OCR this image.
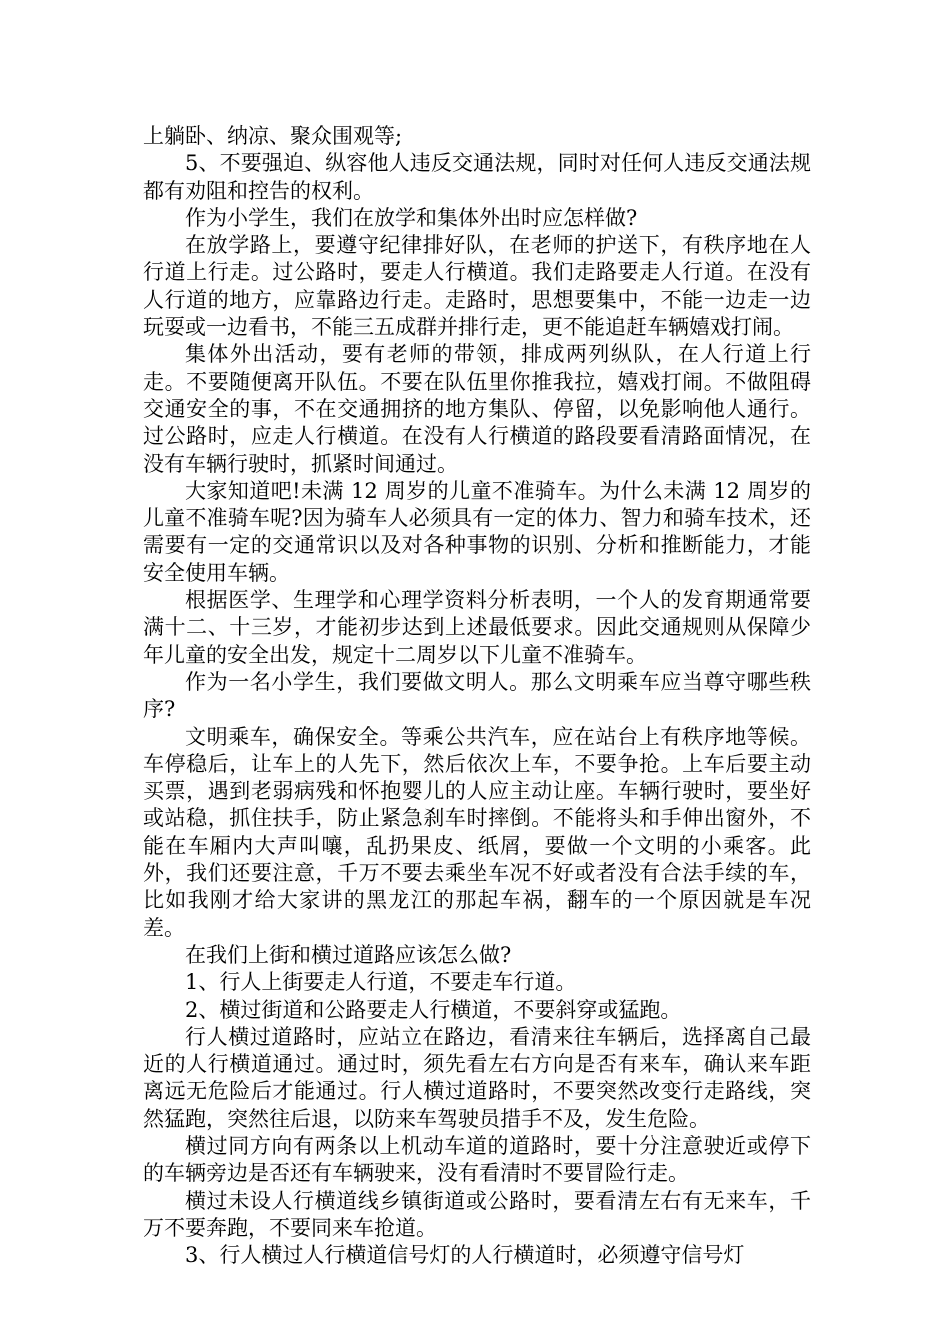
上躺卧、纳凉、聚众围观等;

5、不要强迫、纵容他人违反交通法规，同时对任何人违反交通法规都有劝阻和控告的权利。

作为小学生，我们在放学和集体外出时应怎样做?

在放学路上，要遵守纪律排好队，在老师的护送下，有秩序地在人行道上行走。过公路时，要走人行横道。我们走路要走人行道。在没有人行道的地方，应靠路边行走。走路时，思想要集中，不能一边走一边玩耍或一边看书，不能三五成群并排行走，更不能追赶车辆嬉戏打闹。

集体外出活动，要有老师的带领，排成两列纵队，在人行道上行走。不要随便离开队伍。不要在队伍里你推我拉，嬉戏打闹。不做阻碍交通安全的事，不在交通拥挤的地方集队、停留，以免影响他人通行。过公路时，应走人行横道。在没有人行横道的路段要看清路面情况，在没有车辆行驶时，抓紧时间通过。

大家知道吧!未满 12 周岁的儿童不准骑车。为什么未满 12 周岁的儿童不准骑车呢?因为骑车人必须具有一定的体力、智力和骑车技术，还需要有一定的交通常识以及对各种事物的识别、分析和推断能力，才能安全使用车辆。

根据医学、生理学和心理学资料分析表明，一个人的发育期通常要满十二、十三岁，才能初步达到上述最低要求。因此交通规则从保障少年儿童的安全出发，规定十二周岁以下儿童不准骑车。

作为一名小学生，我们要做文明人。那么文明乘车应当尊守哪些秩序?

文明乘车，确保安全。等乘公共汽车，应在站台上有秩序地等候。车停稳后，让车上的人先下，然后依次上车，不要争抢。上车后要主动买票，遇到老弱病残和怀抱婴儿的人应主动让座。车辆行驶时，要坐好或站稳，抓住扶手，防止紧急刹车时摔倒。不能将头和手伸出窗外，不能在车厢内大声叫嚷，乱扔果皮、纸屑，要做一个文明的小乘客。此外，我们还要注意，千万不要去乘坐车况不好或者没有合法手续的车，比如我刚才给大家讲的黑龙江的那起车祸，翻车的一个原因就是车况差。

在我们上街和横过道路应该怎么做?

1、行人上街要走人行道，不要走车行道。

2、横过街道和公路要走人行横道，不要斜穿或猛跑。

行人横过道路时，应站立在路边，看清来往车辆后，选择离自己最近的人行横道通过。通过时，须先看左右方向是否有来车，确认来车距离远无危险后才能通过。行人横过道路时，不要突然改变行走路线，突然猛跑，突然往后退，以防来车驾驶员措手不及，发生危险。

横过同方向有两条以上机动车道的道路时，要十分注意驶近或停下的车辆旁边是否还有车辆驶来，没有看清时不要冒险行走。

横过未设人行横道线乡镇街道或公路时，要看清左右有无来车，千万不要奔跑，不要同来车抢道。

3、行人横过人行横道信号灯的人行横道时，必须遵守信号灯
